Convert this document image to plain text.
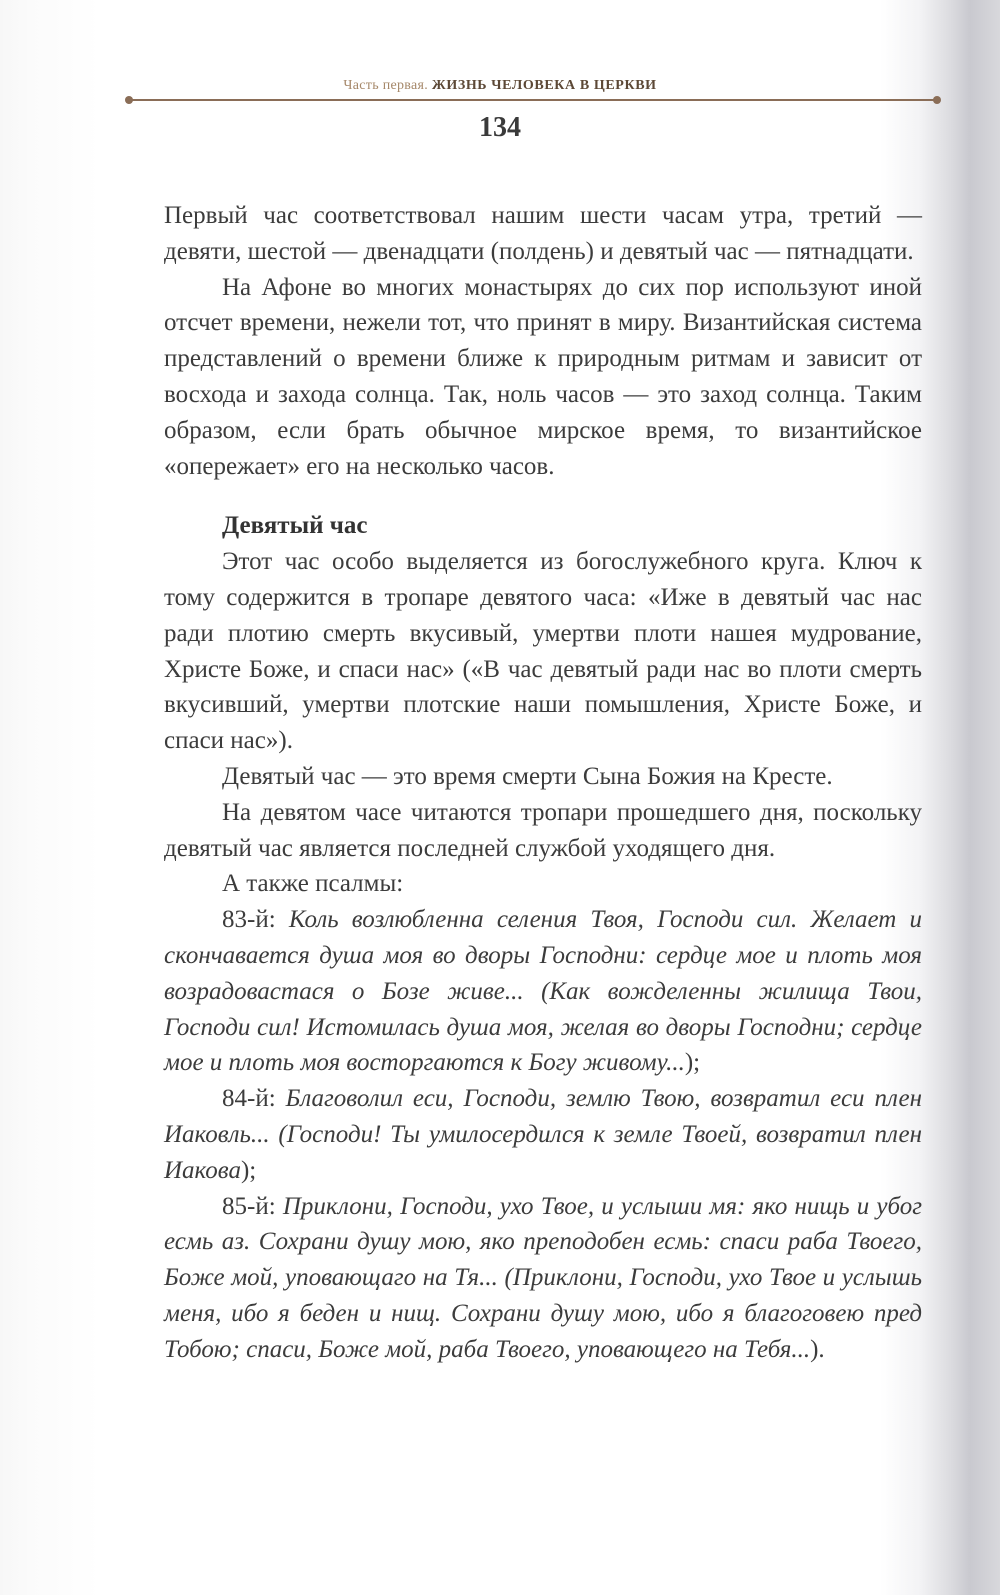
Часть первая. ЖИЗНЬ ЧЕЛОВЕКА В ЦЕРКВИ
134

Первый час соответствовал нашим шести часам утра, третий — девяти, шестой — двенадцати (полдень) и девятый час — пятнадцати.

На Афоне во многих монастырях до сих пор используют иной отсчет времени, нежели тот, что принят в миру. Византийская система представлений о времени ближе к природным ритмам и зависит от восхода и захода солнца. Так, ноль часов — это заход солнца. Таким образом, если брать обычное мирское время, то византийское «опережает» его на несколько часов.

Девятый час

Этот час особо выделяется из богослужебного круга. Ключ к тому содержится в тропаре девятого часа: «Иже в девятый час нас ради плотию смерть вкусивый, умертви плоти нашея мудрование, Христе Боже, и спаси нас» («В час девятый ради нас во плоти смерть вкусивший, умертви плотские наши помышления, Христе Боже, и спаси нас»).

Девятый час — это время смерти Сына Божия на Кресте.

На девятом часе читаются тропари прошедшего дня, поскольку девятый час является последней службой уходящего дня.

А также псалмы:

83-й: Коль возлюбленна селения Твоя, Господи сил. Желает и скончавается душа моя во дворы Господни: сердце мое и плоть моя возрадовастася о Бозе живе... (Как вожделенны жилища Твои, Господи сил! Истомилась душа моя, желая во дворы Господни; сердце мое и плоть моя восторгаются к Богу живому...);

84-й: Благоволил еси, Господи, землю Твою, возвратил еси плен Иаковль... (Господи! Ты умилосердился к земле Твоей, возвратил плен Иакова);

85-й: Приклони, Господи, ухо Твое, и услыши мя: яко нищь и убог есмь аз. Сохрани душу мою, яко преподобен есмь: спаси раба Твоего, Боже мой, уповающаго на Тя... (Приклони, Господи, ухо Твое и услышь меня, ибо я беден и нищ. Сохрани душу мою, ибо я благоговею пред Тобою; спаси, Боже мой, раба Твоего, уповающего на Тебя...).
